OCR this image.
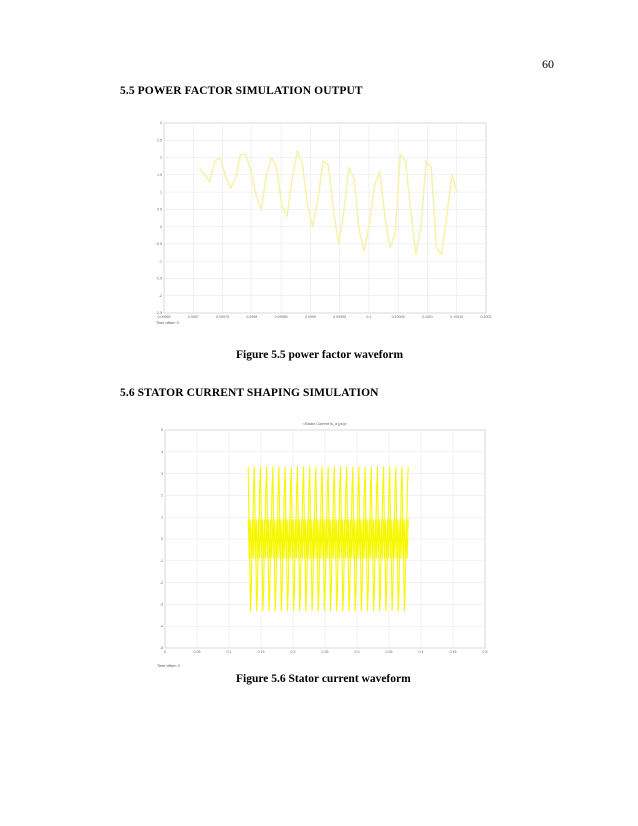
60
5.5 POWER FACTOR SIMULATION OUTPUT
0.09965	0.0997	0.09975	0.0998	0.09985	0.0999	0.09995	0.1	0.10005	0.1001	0.10015	0.1002
3
2.5
2
1.5
1
0.5
0
-0.5
-1
-1.5
-2
-2.5
Time offset: 0
Figure 5.5 power factor waveform
5.6 STATOR CURRENT SHAPING SIMULATION
0	0.05	0.1	0.15	0.2	0.25	0.3	0.35	0.4	0.45	0.5
5
4
3
2
1
0
-1
-2
-3
-4
-5
<Stator Current Is_a (pu)>
Time offset: 0
Figure 5.6 Stator current waveform
